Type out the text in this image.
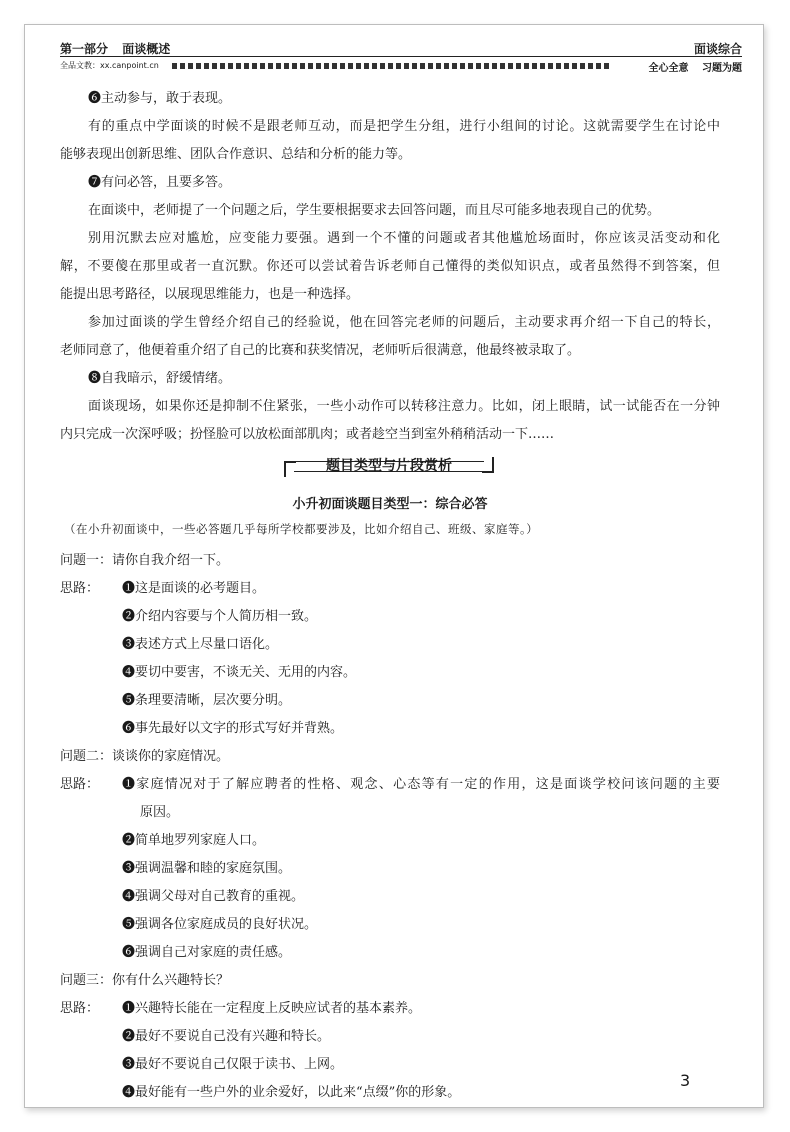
第一部分 面谈概述	面谈综合
全品文教：xx.canpoint.cn	全心全意 习题为题
❻主动参与，敢于表现。
有的重点中学面谈的时候不是跟老师互动，而是把学生分组，进行小组间的讨论。这就需要学生在讨论中
能够表现出创新思维、团队合作意识、总结和分析的能力等。
❼有问必答，且要多答。
在面谈中，老师提了一个问题之后，学生要根据要求去回答问题，而且尽可能多地表现自己的优势。
别用沉默去应对尴尬，应变能力要强。遇到一个不懂的问题或者其他尴尬场面时，你应该灵活变动和化
解，不要傻在那里或者一直沉默。你还可以尝试着告诉老师自己懂得的类似知识点，或者虽然得不到答案，但
能提出思考路径，以展现思维能力，也是一种选择。
参加过面谈的学生曾经介绍自己的经验说，他在回答完老师的问题后，主动要求再介绍一下自己的特长，
老师同意了，他便着重介绍了自己的比赛和获奖情况，老师听后很满意，他最终被录取了。
❽自我暗示，舒缓情绪。
面谈现场，如果你还是抑制不住紧张，一些小动作可以转移注意力。比如，闭上眼睛，试一试能否在一分钟
内只完成一次深呼吸；扮怪脸可以放松面部肌肉；或者趁空当到室外稍稍活动一下……
题目类型与片段赏析
小升初面谈题目类型一：综合必答
（在小升初面谈中，一些必答题几乎每所学校都要涉及，比如介绍自己、班级、家庭等。）
问题一：请你自我介绍一下。
思路： ❶这是面谈的必考题目。
❷介绍内容要与个人简历相一致。
❸表述方式上尽量口语化。
❹要切中要害，不谈无关、无用的内容。
❺条理要清晰，层次要分明。
❻事先最好以文字的形式写好并背熟。
问题二：谈谈你的家庭情况。
思路： ❶家庭情况对于了解应聘者的性格、观念、心态等有一定的作用，这是面谈学校问该问题的主要
原因。
❷简单地罗列家庭人口。
❸强调温馨和睦的家庭氛围。
❹强调父母对自己教育的重视。
❺强调各位家庭成员的良好状况。
❻强调自己对家庭的责任感。
问题三：你有什么兴趣特长？
思路： ❶兴趣特长能在一定程度上反映应试者的基本素养。
❷最好不要说自己没有兴趣和特长。
❸最好不要说自己仅限于读书、上网。
❹最好能有一些户外的业余爱好，以此来“点缀”你的形象。
3
